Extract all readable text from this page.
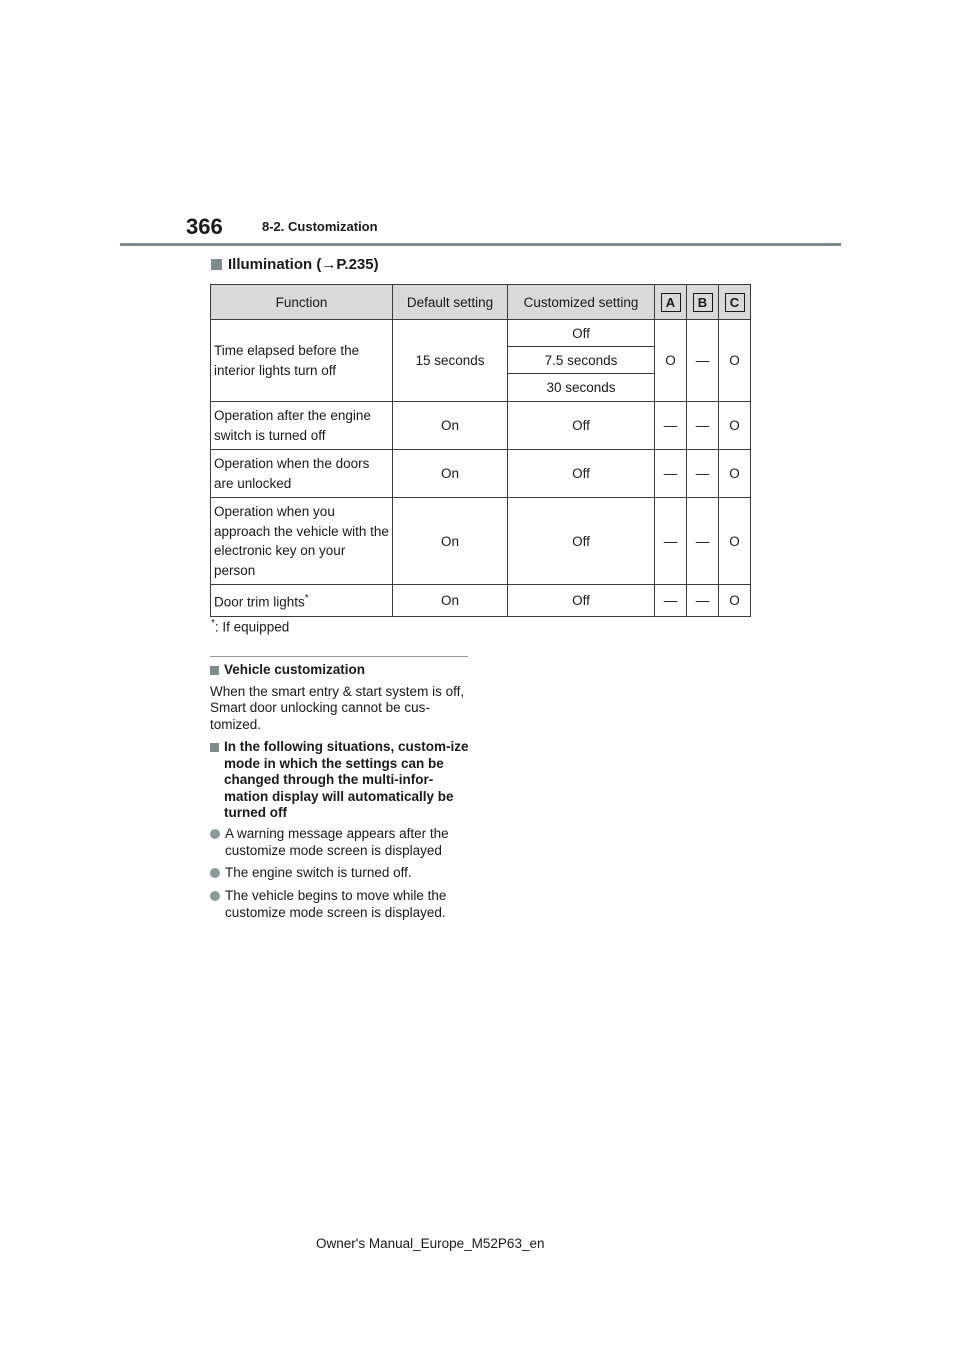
366	8-2. Customization
Illumination (→P.235)
Function	Default setting	Customized setting	A	B	C
Time elapsed before the interior lights turn off	15 seconds	Off	O	—	O
		7.5 seconds			
		30 seconds			
Operation after the engine switch is turned off	On	Off	—	—	O
Operation when the doors are unlocked	On	Off	—	—	O
Operation when you approach the vehicle with the electronic key on your person	On	Off	—	—	O
Door trim lights*	On	Off	—	—	O
*: If equipped
Vehicle customization
When the smart entry & start system is off, Smart door unlocking cannot be cus-tomized.
In the following situations, custom-ize mode in which the settings can be changed through the multi-infor-mation display will automatically be turned off
A warning message appears after the customize mode screen is displayed
The engine switch is turned off.
The vehicle begins to move while the customize mode screen is displayed.
Owner's Manual_Europe_M52P63_en
